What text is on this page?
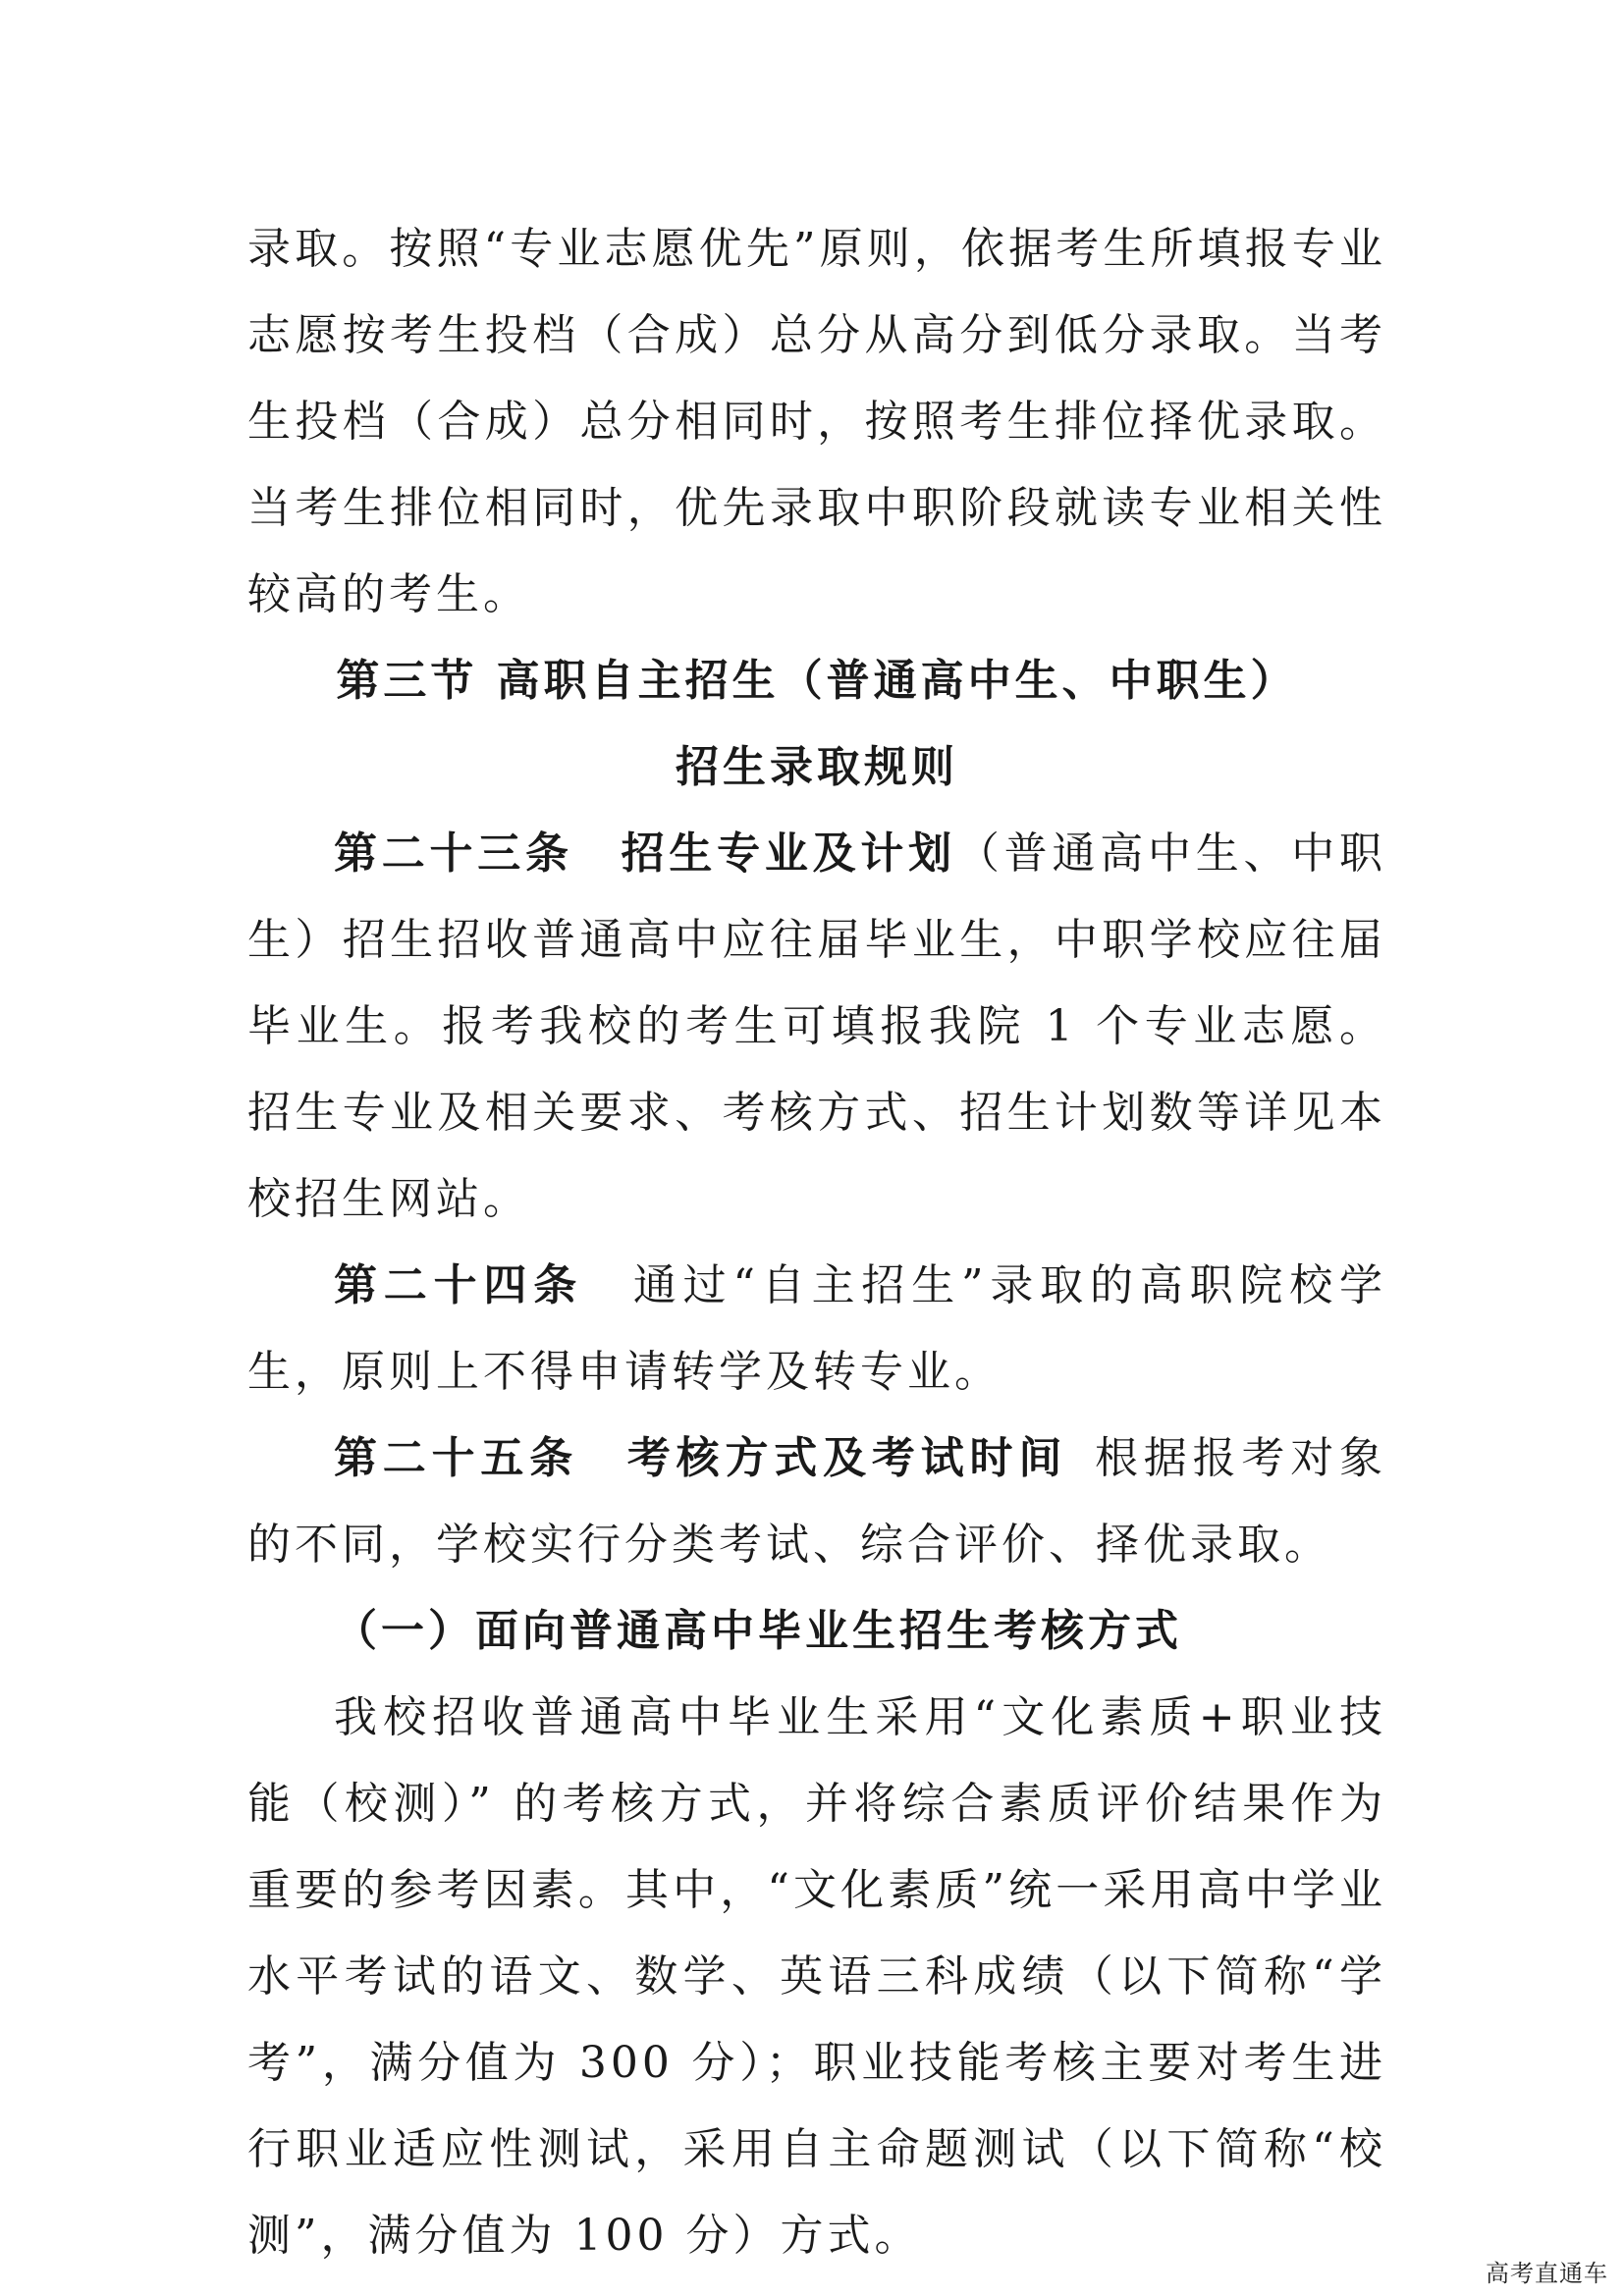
录取。按照“专业志愿优先”原则，依据考生所填报专业志愿按考生投档（合成）总分从高分到低分录取。当考生投档（合成）总分相同时，按照考生排位择优录取。当考生排位相同时，优先录取中职阶段就读专业相关性较高的考生。

第三节 高职自主招生（普通高中生、中职生）

招生录取规则

第二十三条  招生专业及计划（普通高中生、中职生）招生招收普通高中应往届毕业生，中职学校应往届毕业生。报考我校的考生可填报我院 1 个专业志愿。招生专业及相关要求、考核方式、招生计划数等详见本校招生网站。

第二十四条  通过“自主招生”录取的高职院校学生，原则上不得申请转学及转专业。

第二十五条  考核方式及考试时间  根据报考对象的不同，学校实行分类考试、综合评价、择优录取。

（一）面向普通高中毕业生招生考核方式

我校招收普通高中毕业生采用“文化素质+职业技能（校测）” 的考核方式，并将综合素质评价结果作为重要的参考因素。其中，“文化素质”统一采用高中学业水平考试的语文、数学、英语三科成绩（以下简称“学考”，满分值为 300 分）；职业技能考核主要对考生进行职业适应性测试，采用自主命题测试（以下简称“校测”，满分值为 100 分）方式。

高考直通车
